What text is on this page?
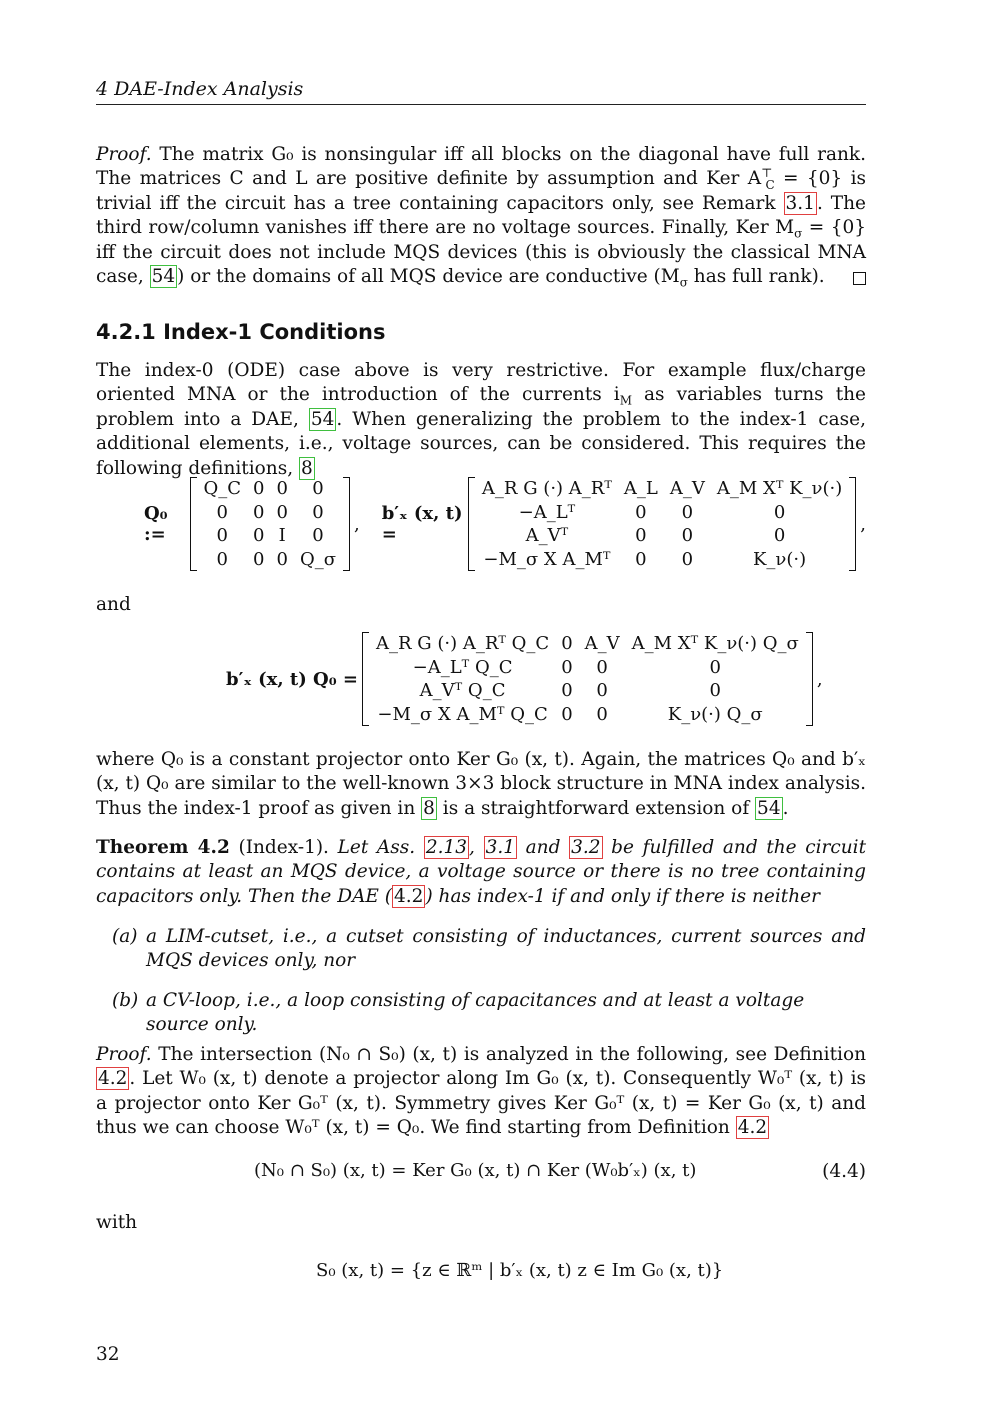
4 DAE-Index Analysis

Proof. The matrix G₀ is nonsingular iff all blocks on the diagonal have full rank. The matrices C and L are positive definite by assumption and Ker $A^⊤_C = \{0\}$ is trivial iff the circuit has a tree containing capacitors only, see Remark 3.1 . The third row/column vanishes iff there are no voltage sources. Finally, Ker $M_\sigma = \{0\}$ iff the circuit does not include MQS devices (this is obviously the classical MNA case, 54 ) or the domains of all MQS device are conductive ($M_\sigma$ has full rank).

4.2.1 Index-1 Conditions

The index-0 (ODE) case above is very restrictive. For example flux/charge oriented MNA or the introduction of the currents $i_M$ as variables turns the problem into a DAE, 54 . When generalizing the problem to the index-1 case, additional elements, i.e., voltage sources, can be considered. This requires the following definitions, 8

Q₀ :=
Q_C	0	0	0
0	0	0	0
0	0	I	0
0	0	0	Q_σ
, b′ₓ (x, t) =
A_R G (·) A_Rᵀ	A_L	A_V	A_M Xᵀ K_ν(·)
−A_Lᵀ	0	0	0
A_Vᵀ	0	0	0
−M_σ X A_Mᵀ	0	0	K_ν(·)
,

and

b′ₓ (x, t) Q₀ =
A_R G (·) A_Rᵀ Q_C	0	A_V	A_M Xᵀ K_ν(·) Q_σ
−A_Lᵀ Q_C	0	0	0
A_Vᵀ Q_C	0	0	0
−M_σ X A_Mᵀ Q_C	0	0	K_ν(·) Q_σ
,

where Q₀ is a constant projector onto Ker G₀ (x, t). Again, the matrices Q₀ and b′ₓ (x, t) Q₀ are similar to the well-known 3×3 block structure in MNA index analysis. Thus the index-1 proof as given in 8 is a straightforward extension of 54 .

Theorem 4.2 (Index-1). Let Ass. 2.13 , 3.1 and 3.2 be fulfilled and the circuit contains at least an MQS device, a voltage source or there is no tree containing capacitors only. Then the DAE ( 4.2 ) has index-1 if and only if there is neither

(a) a LIM-cutset, i.e., a cutset consisting of inductances, current sources and MQS devices only, nor
(b) a CV-loop, i.e., a loop consisting of capacitances and at least a voltage source only.

Proof. The intersection (N₀ ∩ S₀) (x, t) is analyzed in the following, see Definition 4.2 . Let W₀ (x, t) denote a projector along Im G₀ (x, t). Consequently W₀ᵀ (x, t) is a projector onto Ker G₀ᵀ (x, t). Symmetry gives Ker G₀ᵀ (x, t) = Ker G₀ (x, t) and thus we can choose W₀ᵀ (x, t) = Q₀. We find starting from Definition 4.2

(N₀ ∩ S₀) (x, t) = Ker G₀ (x, t) ∩ Ker (W₀b′ₓ) (x, t)	(4.4)

with

S₀ (x, t) = {z ∈ ℝᵐ | b′ₓ (x, t) z ∈ Im G₀ (x, t)}
32
